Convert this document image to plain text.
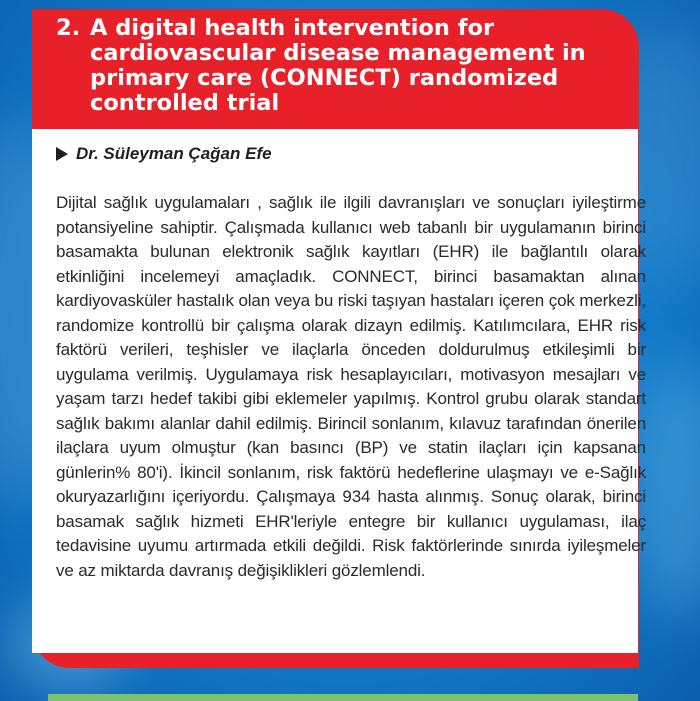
2. A digital health intervention for cardiovascular disease management in primary care (CONNECT) randomized controlled trial
Dr. Süleyman Çağan Efe
Dijital sağlık uygulamaları , sağlık ile ilgili davranışları ve sonuçları iyileştirme potansiyeline sahiptir. Çalışmada kullanıcı web tabanlı bir uygulamanın birinci basamakta bulunan elektronik sağlık kayıtları (EHR) ile bağlantılı olarak etkinliğini incelemeyi amaçladık. CONNECT, birinci basamaktan alınan kardiyovasküler hastalık olan veya bu riski taşıyan hastaları içeren çok merkezli, randomize kontrollü bir çalışma olarak dizayn edilmiş. Katılımcılara, EHR risk faktörü verileri, teşhisler ve ilaçlarla önceden doldurulmuş etkileşimli bir uygulama verilmiş. Uygulamaya risk hesaplayıcıları, motivasyon mesajları ve yaşam tarzı hedef takibi gibi eklemeler yapılmış. Kontrol grubu olarak standart sağlık bakımı alanlar dahil edilmiş. Birincil sonlanım, kılavuz tarafından önerilen ilaçlara uyum olmuştur (kan basıncı (BP) ve statin ilaçları için kapsanan günlerin% 80'i). İkincil sonlanım, risk faktörü hedeflerine ulaşmayı ve e-Sağlık okuryazarlığını içeriyordu. Çalışmaya 934 hasta alınmış. Sonuç olarak, birinci basamak sağlık hizmeti EHR'leriyle entegre bir kullanıcı uygulaması, ilaç tedavisine uyumu artırmada etkili değildi. Risk faktörlerinde sınırda iyileşmeler ve az miktarda davranış değişiklikleri gözlemlendi.
